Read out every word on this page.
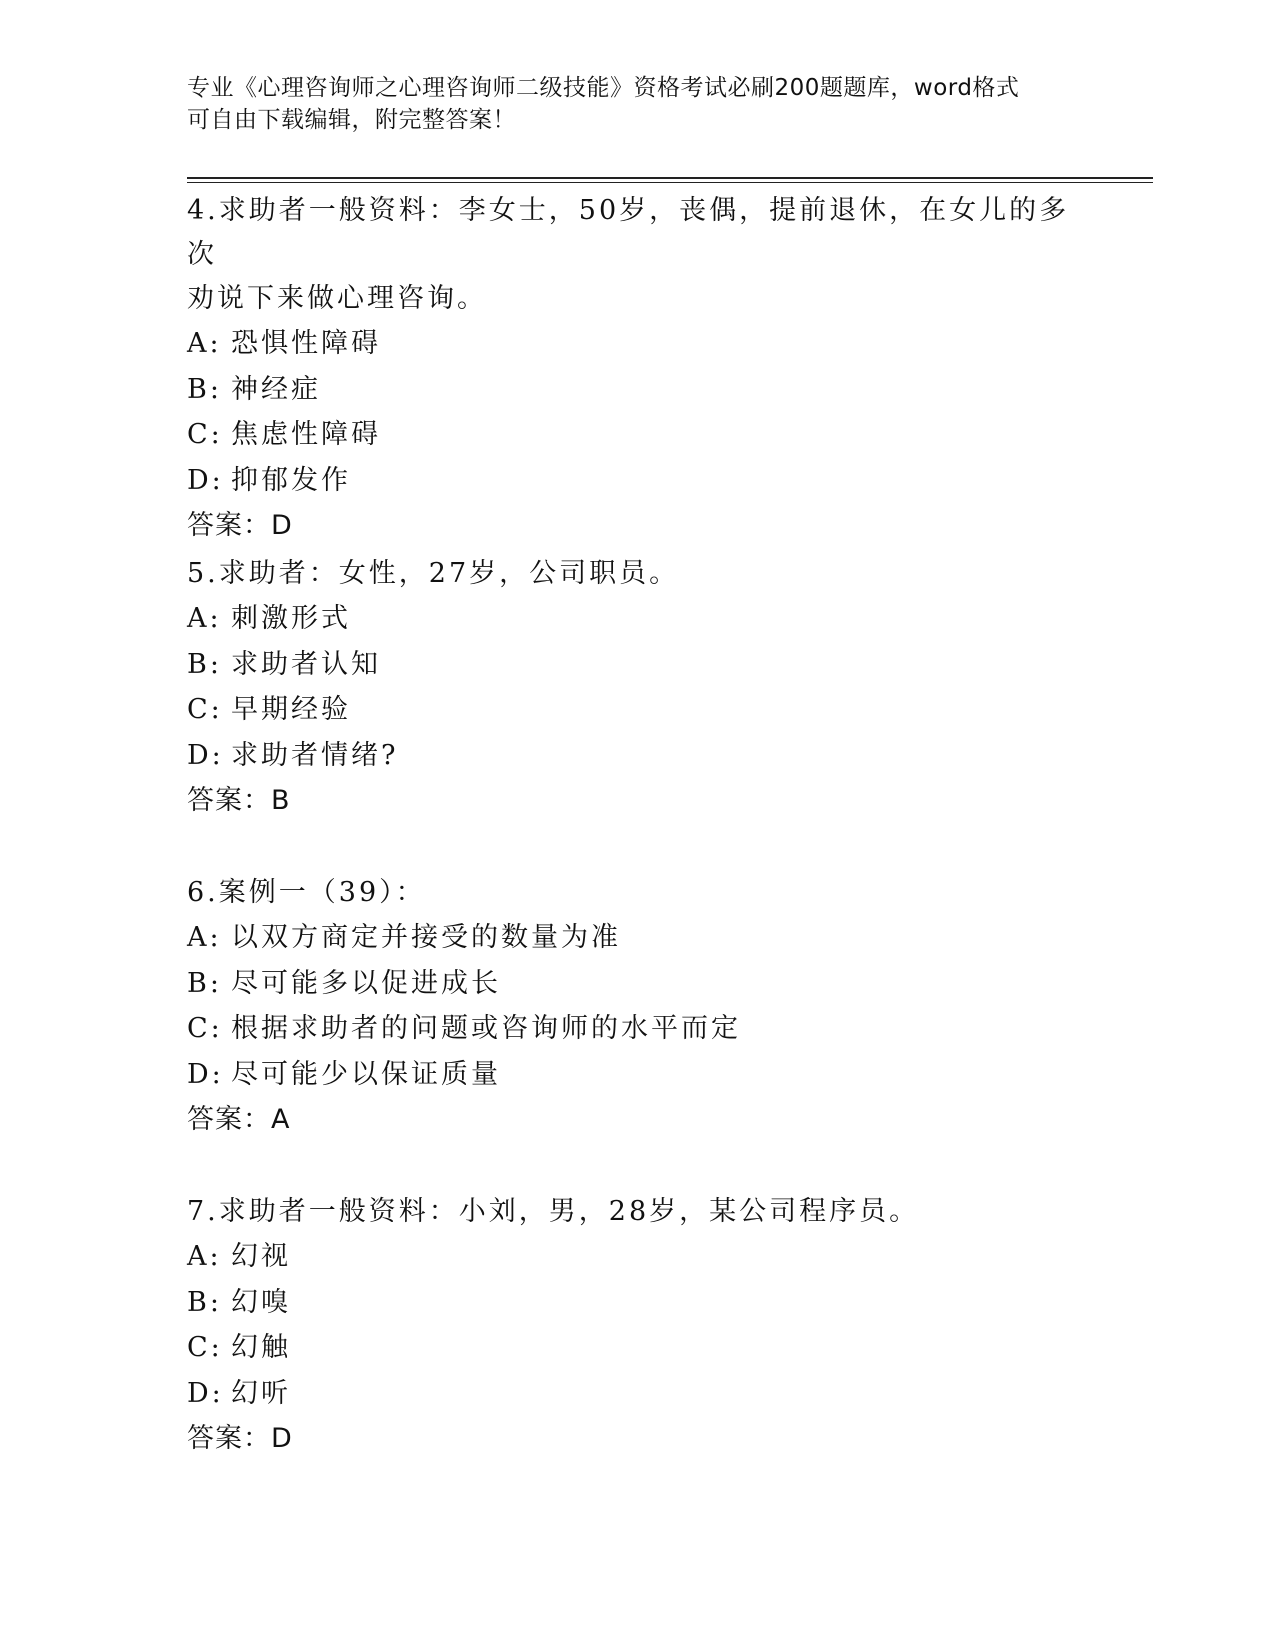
专业《心理咨询师之心理咨询师二级技能》资格考试必刷200题题库，word格式
可自由下载编辑，附完整答案！

4.求助者一般资料：李女士，50岁，丧偶，提前退休，在女儿的多次

劝说下来做心理咨询。

A: 恐惧性障碍

B: 神经症

C: 焦虑性障碍

D: 抑郁发作

答案：D

5.求助者：女性，27岁，公司职员。

A: 刺激形式

B: 求助者认知

C: 早期经验

D: 求助者情绪?

答案：B

6.案例一（39）：

A: 以双方商定并接受的数量为准

B: 尽可能多以促进成长

C: 根据求助者的问题或咨询师的水平而定

D: 尽可能少以保证质量

答案：A

7.求助者一般资料：小刘，男，28岁，某公司程序员。

A: 幻视

B: 幻嗅

C: 幻触

D: 幻听

答案：D
